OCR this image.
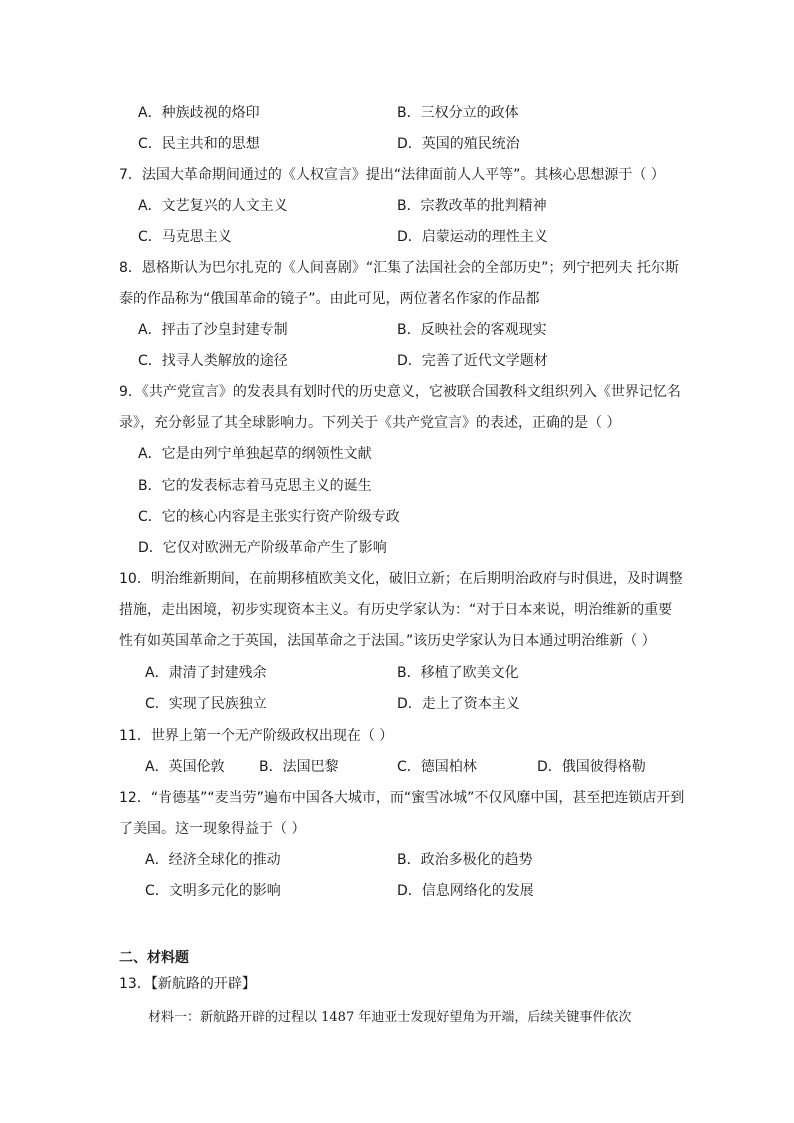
A．种族歧视的烙印	B．三权分立的政体
C．民主共和的思想	D．英国的殖民统治
7．法国大革命期间通过的《人权宣言》提出“法律面前人人平等”。其核心思想源于（ ）
A．文艺复兴的人文主义	B．宗教改革的批判精神
C．马克思主义	D．启蒙运动的理性主义
8．恩格斯认为巴尔扎克的《人间喜剧》“汇集了法国社会的全部历史”；列宁把列夫 托尔斯
泰的作品称为“俄国革命的镜子”。由此可见，两位著名作家的作品都
A．抨击了沙皇封建专制	B．反映社会的客观现实
C．找寻人类解放的途径	D．完善了近代文学题材
9．《共产党宣言》的发表具有划时代的历史意义，它被联合国教科文组织列入《世界记忆名
录》，充分彰显了其全球影响力。下列关于《共产党宣言》的表述，正确的是（ ）
A．它是由列宁单独起草的纲领性文献
B．它的发表标志着马克思主义的诞生
C．它的核心内容是主张实行资产阶级专政
D．它仅对欧洲无产阶级革命产生了影响
10．明治维新期间，在前期移植欧美文化，破旧立新；在后期明治政府与时俱进，及时调整
措施，走出困境，初步实现资本主义。有历史学家认为：“对于日本来说，明治维新的重要
性有如英国革命之于英国，法国革命之于法国。”该历史学家认为日本通过明治维新（ ）
A．肃清了封建残余	B．移植了欧美文化
C．实现了民族独立	D．走上了资本主义
11．世界上第一个无产阶级政权出现在（ ）
A．英国伦敦 B．法国巴黎	C．德国柏林	D．俄国彼得格勒
12．“肯德基”“麦当劳”遍布中国各大城市，而“蜜雪冰城”不仅风靡中国，甚至把连锁店开到
了美国。这一现象得益于（ ）
A．经济全球化的推动	B．政治多极化的趋势
C．文明多元化的影响	D．信息网络化的发展
二、材料题
13．【新航路的开辟】
材料一：新航路开辟的过程以 1487 年迪亚士发现好望角为开端，后续关键事件依次
